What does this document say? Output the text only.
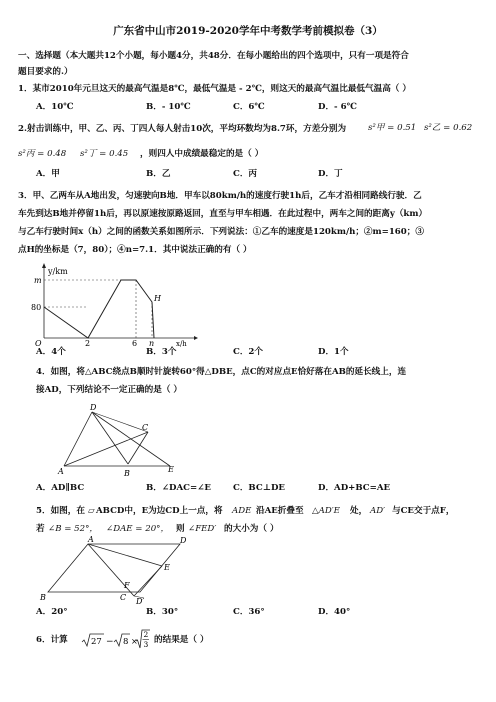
广东省中山市2019-2020学年中考数学考前模拟卷（3）
一、选择题（本大题共12个小题，每小题4分，共48分．在每小题给出的四个选项中，只有一项是符合
题目要求的.）
1．某市2010年元旦这天的最高气温是8℃，最低气温是 - 2℃，则这天的最高气温比最低气温高（ ）
A．10℃	B．- 10℃	C．6℃	D．- 6℃
2.射击训练中，甲、乙、丙、丁四人每人射击10次，平均环数均为8.7环，方差分别为	s²甲 = 0.51 s²乙 = 0.62
s²丙 = 0.48 s²丁 = 0.45 ，则四人中成绩最稳定的是（ ）
A．甲	B．乙	C．丙	D．丁
3．甲、乙两车从A地出发，匀速驶向B地．甲车以80km/h的速度行驶1h后，乙车才沿相同路线行驶．乙
车先到达B地并停留1h后，再以原速按原路返回，直至与甲车相遇．在此过程中，两车之间的距离y（km）
与乙车行驶时间x（h）之间的函数关系如图所示．下列说法：①乙车的速度是120km/h；②m=160；③
点H的坐标是（7，80）；④n=7.1．其中说法正确的有（ ）
y/km
m
80
O	2	6 n	x/h
H
A．4个	B．3个	C．2个	D．1个
4．如图，将△ABC绕点B顺时针旋转60°得△DBE，点C的对应点E恰好落在AB的延长线上，连
接AD，下列结论不一定正确的是（ ）
A	B
C
D
E
A．AD∥BC	B．∠DAC=∠E	C．BC⊥DE	D．AD+BC=AE
5．如图，在 ▱ ABCD中，E为边CD上一点，将 ADE 沿AE折叠至 △AD′E 处， AD′ 与CE交于点F，
若 ∠B = 52°， ∠DAE = 20°， 则 ∠FED′ 的大小为（ ）
B
A	D
E
F
C D′
A．20°	B．30°	C．36°	D．40°
6．计算	27 − 8 ×
2
3 的结果是（ ）
